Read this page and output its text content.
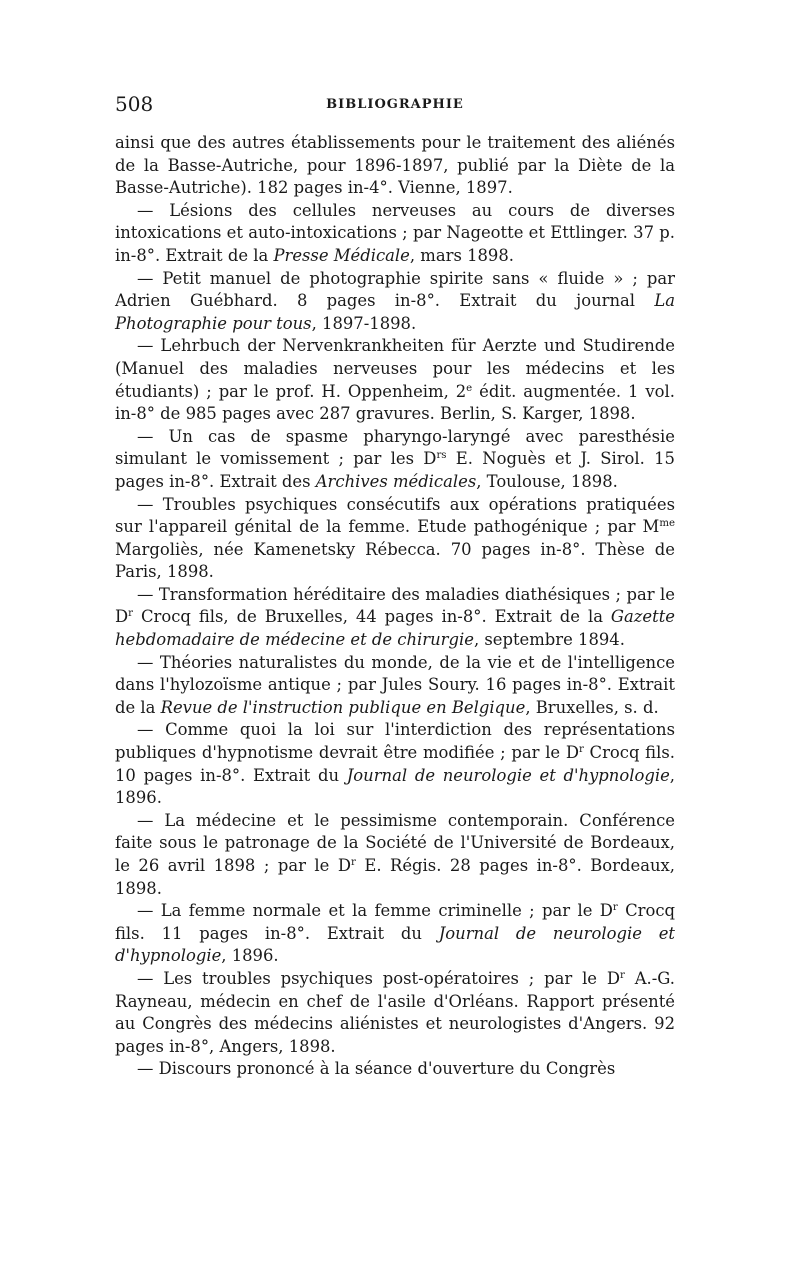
508	BIBLIOGRAPHIE

ainsi que des autres établissements pour le traitement des aliénés de la Basse-Autriche, pour 1896-1897, publié par la Diète de la Basse-Autriche). 182 pages in-4°. Vienne, 1897.

— Lésions des cellules nerveuses au cours de diverses intoxications et auto-intoxications ; par Nageotte et Ettlinger. 37 p. in-8°. Extrait de la Presse Médicale, mars 1898.

— Petit manuel de photographie spirite sans « fluide » ; par Adrien Guébhard. 8 pages in-8°. Extrait du journal La Photographie pour tous, 1897-1898.

— Lehrbuch der Nervenkrankheiten für Aerzte und Studirende (Manuel des maladies nerveuses pour les médecins et les étudiants) ; par le prof. H. Oppenheim, 2e édit. augmentée. 1 vol. in-8° de 985 pages avec 287 gravures. Berlin, S. Karger, 1898.

— Un cas de spasme pharyngo-laryngé avec paresthésie simulant le vomissement ; par les $D^{rs}$ E. Noguès et J. Sirol. 15 pages in-8°. Extrait des Archives médicales, Toulouse, 1898.

— Troubles psychiques consécutifs aux opérations pratiquées sur l'appareil génital de la femme. Etude pathogénique ; par $M^{me}$ Margoliès, née Kamenetsky Rébecca. 70 pages in-8°. Thèse de Paris, 1898.

— Transformation héréditaire des maladies diathésiques ; par le $D^r$ Crocq fils, de Bruxelles, 44 pages in-8°. Extrait de la Gazette hebdomadaire de médecine et de chirurgie, septembre 1894.

— Théories naturalistes du monde, de la vie et de l'intelligence dans l'hylozoïsme antique ; par Jules Soury. 16 pages in-8°. Extrait de la Revue de l'instruction publique en Belgique, Bruxelles, s. d.

— Comme quoi la loi sur l'interdiction des représentations publiques d'hypnotisme devrait être modifiée ; par le $D^r$ Crocq fils. 10 pages in-8°. Extrait du Journal de neurologie et d'hypnologie, 1896.

— La médecine et le pessimisme contemporain. Conférence faite sous le patronage de la Société de l'Université de Bordeaux, le 26 avril 1898 ; par le $D^r$ E. Régis. 28 pages in-8°. Bordeaux, 1898.

— La femme normale et la femme criminelle ; par le $D^r$ Crocq fils. 11 pages in-8°. Extrait du Journal de neurologie et d'hypnologie, 1896.

— Les troubles psychiques post-opératoires ; par le $D^r$ A.-G. Rayneau, médecin en chef de l'asile d'Orléans. Rapport présenté au Congrès des médecins aliénistes et neurologistes d'Angers. 92 pages in-8°, Angers, 1898.

— Discours prononcé à la séance d'ouverture du Congrès
